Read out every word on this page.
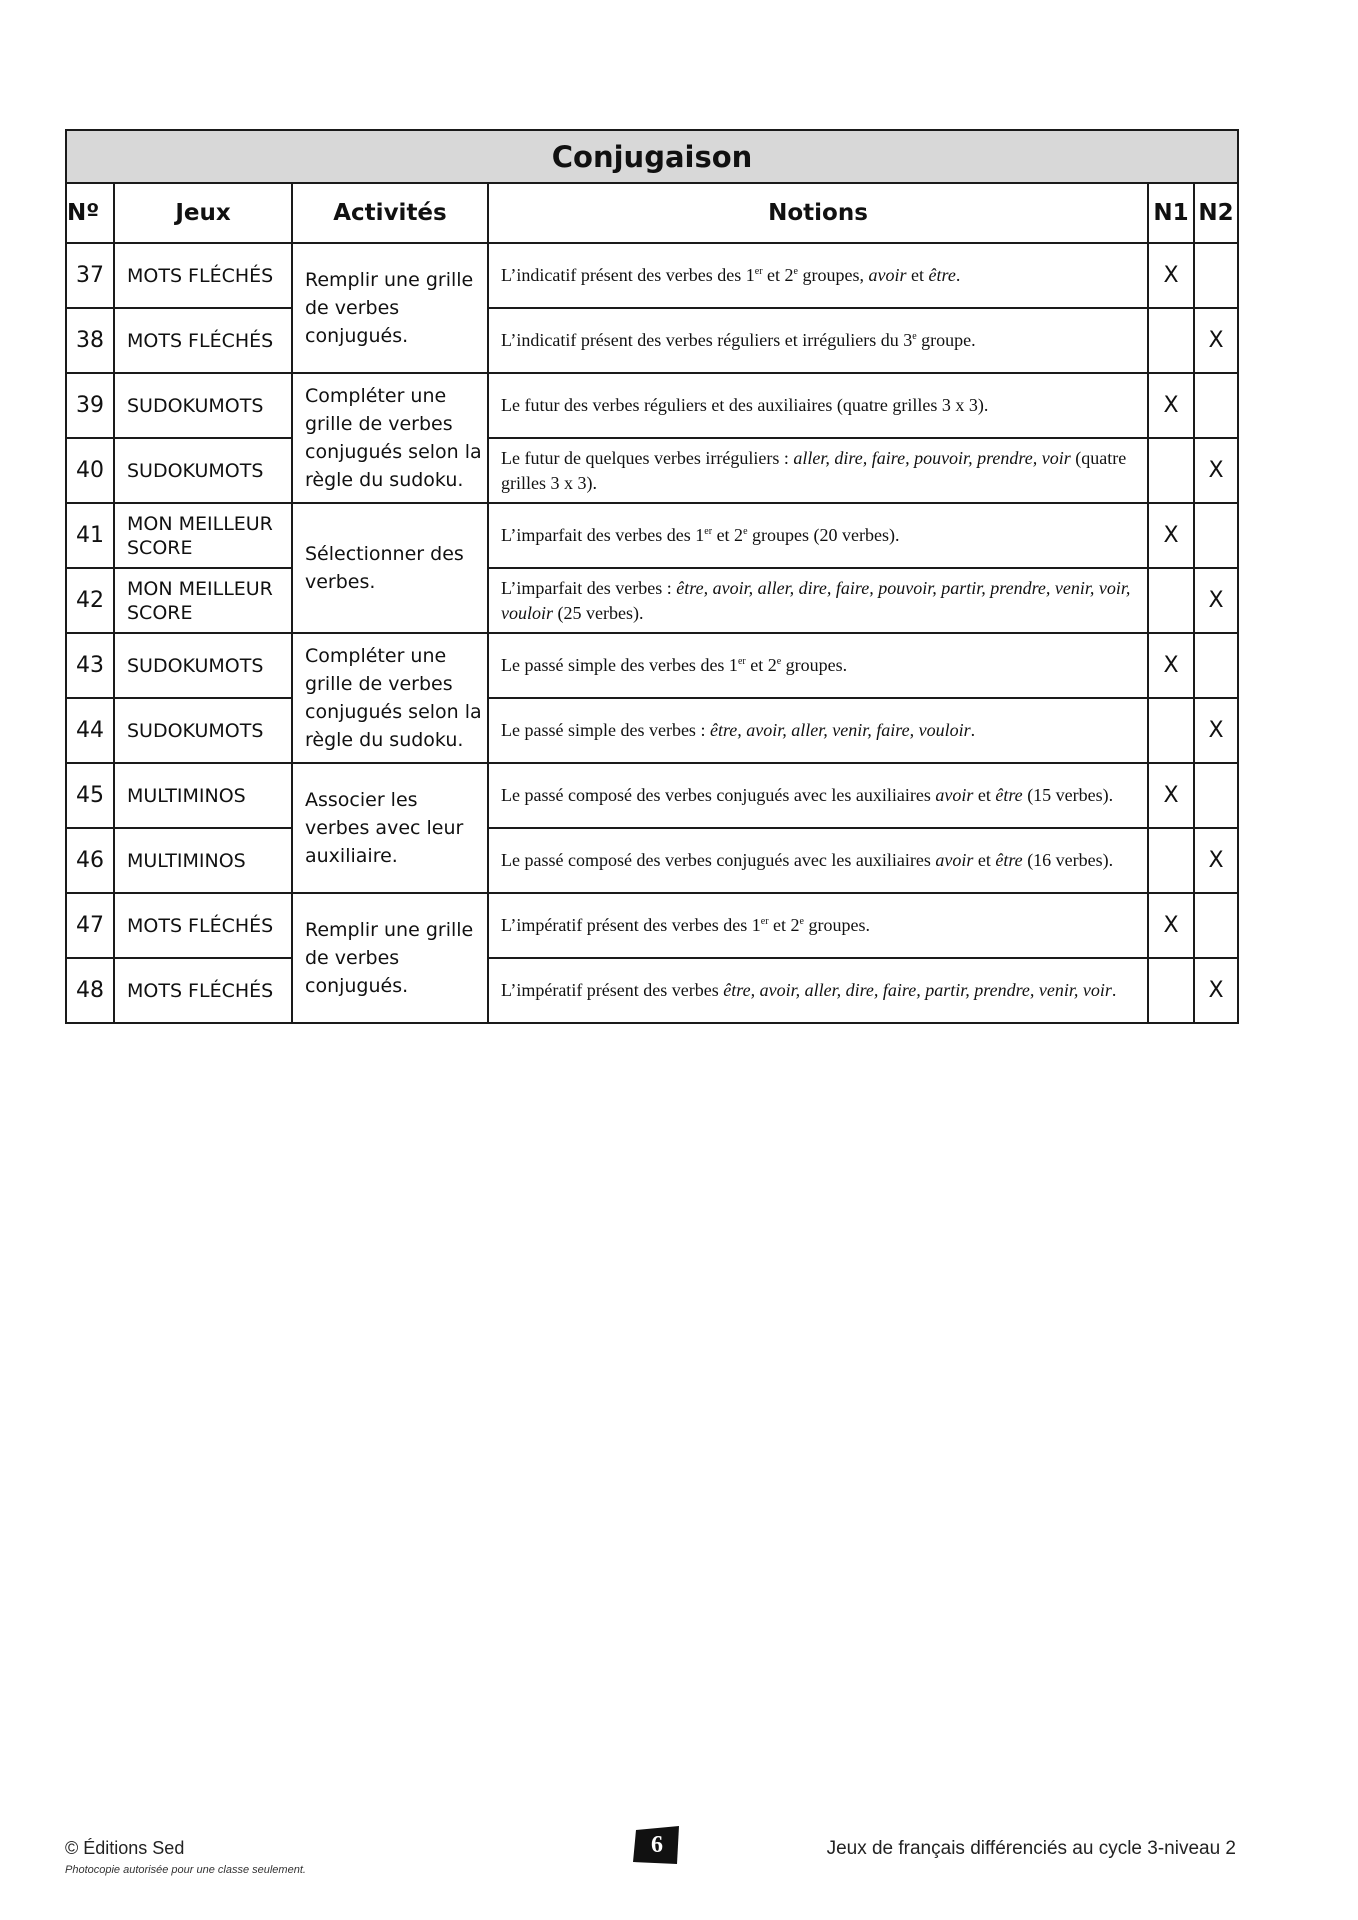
Conjugaison					
Nº	Jeux	Activités	Notions	N1	N2
37	MOTS FLÉCHÉS	Remplir une grille de verbes conjugués.	L’indicatif présent des verbes des 1er et 2e groupes, avoir et être.	X	
38	MOTS FLÉCHÉS		L’indicatif présent des verbes réguliers et irréguliers du 3e groupe.		X
39	SUDOKUMOTS	Compléter une grille de verbes conjugués selon la règle du sudoku.	Le futur des verbes réguliers et des auxiliaires (quatre grilles 3 x 3).	X	
40	SUDOKUMOTS		Le futur de quelques verbes irréguliers : aller, dire, faire, pouvoir, prendre, voir (quatre grilles 3 x 3).		X
41	MON MEILLEUR SCORE	Sélectionner des verbes.	L’imparfait des verbes des 1er et 2e groupes (20 verbes).	X	
42	MON MEILLEUR SCORE		L’imparfait des verbes : être, avoir, aller, dire, faire, pouvoir, partir, prendre, venir, voir, vouloir (25 verbes).		X
43	SUDOKUMOTS	Compléter une grille de verbes conjugués selon la règle du sudoku.	Le passé simple des verbes des 1er et 2e groupes.	X	
44	SUDOKUMOTS		Le passé simple des verbes : être, avoir, aller, venir, faire, vouloir.		X
45	MULTIMINOS	Associer les verbes avec leur auxiliaire.	Le passé composé des verbes conjugués avec les auxiliaires avoir et être (15 verbes).	X	
46	MULTIMINOS		Le passé composé des verbes conjugués avec les auxiliaires avoir et être (16 verbes).		X
47	MOTS FLÉCHÉS	Remplir une grille de verbes conjugués.	L’impératif présent des verbes des 1er et 2e groupes.	X	
48	MOTS FLÉCHÉS		L’impératif présent des verbes être, avoir, aller, dire, faire, partir, prendre, venir, voir.		X
© Éditions Sed
Photocopie autorisée pour une classe seulement.
6	Jeux de français différenciés au cycle 3-niveau 2
